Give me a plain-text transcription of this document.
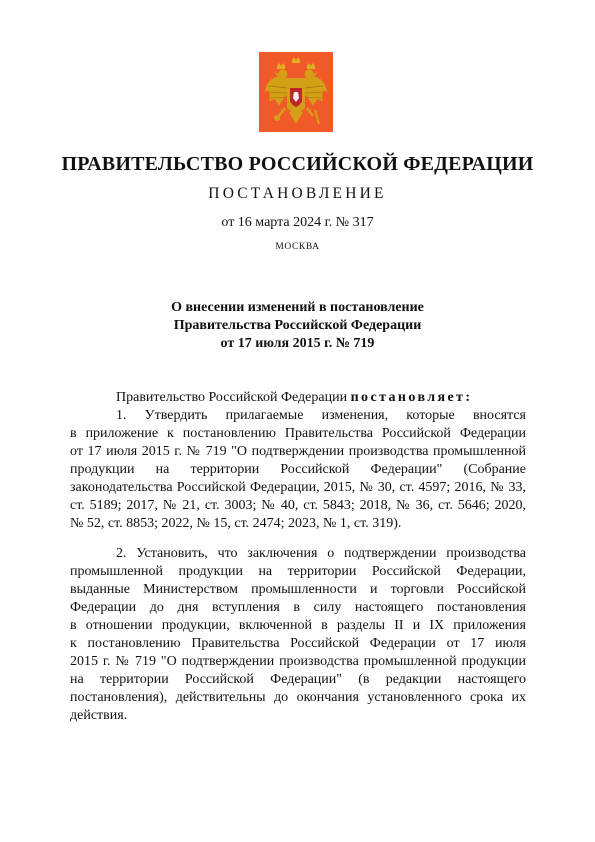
ПРАВИТЕЛЬСТВО РОССИЙСКОЙ ФЕДЕРАЦИИ
ПОСТАНОВЛЕНИЕ
от 16 марта 2024 г. № 317
МОСКВА
О внесении изменений в постановление
Правительства Российской Федерации
от 17 июля 2015 г. № 719
Правительство Российской Федерации постановляет:
1. Утвердить прилагаемые изменения, которые вносятся
в приложение к постановлению Правительства Российской Федерации
от 17 июля 2015 г. № 719 "О подтверждении производства промышленной
продукции на территории Российской Федерации" (Собрание
законодательства Российской Федерации, 2015, № 30, ст. 4597; 2016, № 33,
ст. 5189; 2017, № 21, ст. 3003; № 40, ст. 5843; 2018, № 36, ст. 5646; 2020,
№ 52, ст. 8853; 2022, № 15, ст. 2474; 2023, № 1, ст. 319).
2. Установить, что заключения о подтверждении производства
промышленной продукции на территории Российской Федерации,
выданные Министерством промышленности и торговли Российской
Федерации до дня вступления в силу настоящего постановления
в отношении продукции, включенной в разделы II и IX приложения
к постановлению Правительства Российской Федерации от 17 июля
2015 г. № 719 "О подтверждении производства промышленной продукции
на территории Российской Федерации" (в редакции настоящего
постановления), действительны до окончания установленного срока их
действия.
